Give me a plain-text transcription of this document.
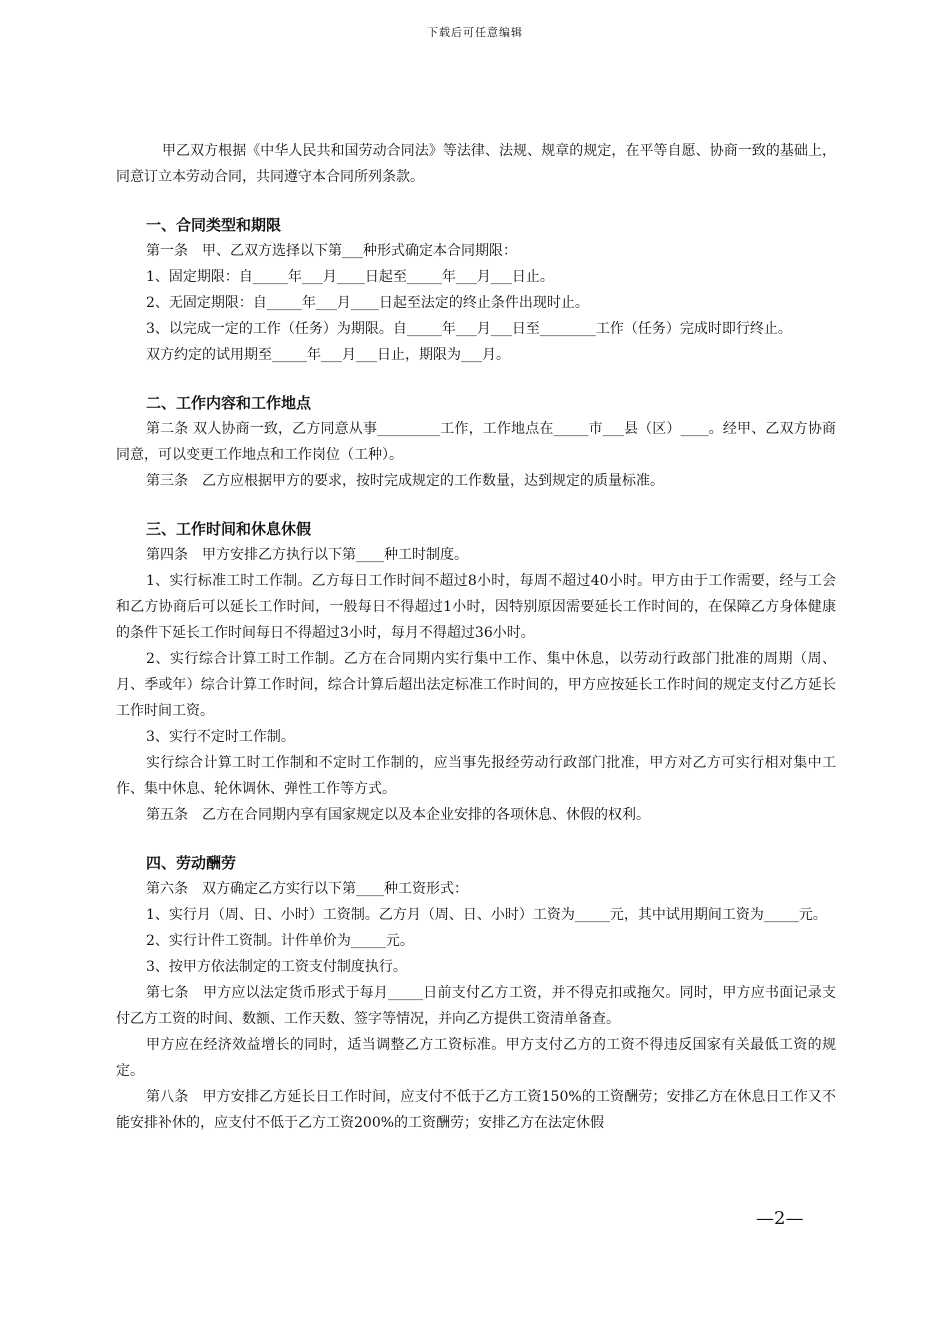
下载后可任意编辑

甲乙双方根据《中华人民共和国劳动合同法》等法律、法规、规章的规定，在平等自愿、协商一致的基础上，同意订立本劳动合同，共同遵守本合同所列条款。

一、合同类型和期限

第一条　甲、乙双方选择以下第___种形式确定本合同期限：

1、固定期限：自_____年___月____日起至_____年___月___日止。

2、无固定期限：自_____年___月____日起至法定的终止条件出现时止。

3、以完成一定的工作（任务）为期限。自_____年___月___日至________工作（任务）完成时即行终止。

双方约定的试用期至_____年___月___日止，期限为___月。

二、工作内容和工作地点

第二条 双人协商一致，乙方同意从事_________工作，工作地点在_____市___县（区）____。经甲、乙双方协商同意，可以变更工作地点和工作岗位（工种）。

第三条　乙方应根据甲方的要求，按时完成规定的工作数量，达到规定的质量标准。

三、工作时间和休息休假

第四条　甲方安排乙方执行以下第____种工时制度。

1、实行标准工时工作制。乙方每日工作时间不超过8小时，每周不超过40小时。甲方由于工作需要，经与工会和乙方协商后可以延长工作时间，一般每日不得超过1小时，因特别原因需要延长工作时间的，在保障乙方身体健康的条件下延长工作时间每日不得超过3小时，每月不得超过36小时。

2、实行综合计算工时工作制。乙方在合同期内实行集中工作、集中休息，以劳动行政部门批准的周期（周、月、季或年）综合计算工作时间，综合计算后超出法定标准工作时间的，甲方应按延长工作时间的规定支付乙方延长工作时间工资。

3、实行不定时工作制。

实行综合计算工时工作制和不定时工作制的，应当事先报经劳动行政部门批准，甲方对乙方可实行相对集中工作、集中休息、轮休调休、弹性工作等方式。

第五条　乙方在合同期内享有国家规定以及本企业安排的各项休息、休假的权利。

四、劳动酬劳

第六条　双方确定乙方实行以下第____种工资形式：

1、实行月（周、日、小时）工资制。乙方月（周、日、小时）工资为_____元，其中试用期间工资为_____元。

2、实行计件工资制。计件单价为_____元。

3、按甲方依法制定的工资支付制度执行。

第七条　甲方应以法定货币形式于每月_____日前支付乙方工资，并不得克扣或拖欠。同时，甲方应书面记录支付乙方工资的时间、数额、工作天数、签字等情况，并向乙方提供工资清单备查。

甲方应在经济效益增长的同时，适当调整乙方工资标准。甲方支付乙方的工资不得违反国家有关最低工资的规定。

第八条　甲方安排乙方延长日工作时间，应支付不低于乙方工资150%的工资酬劳；安排乙方在休息日工作又不能安排补休的，应支付不低于乙方工资200%的工资酬劳；安排乙方在法定休假

—2—
